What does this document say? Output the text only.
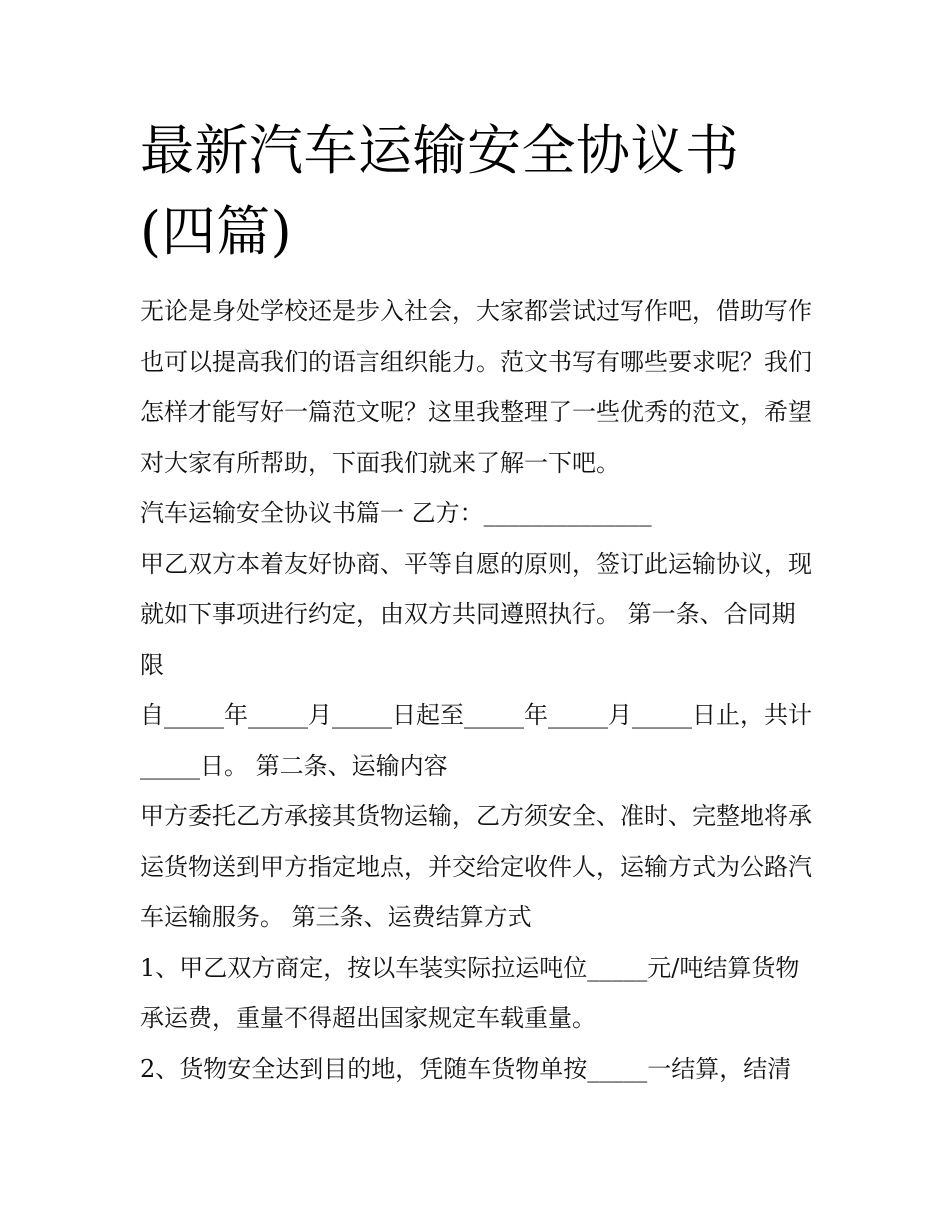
最新汽车运输安全协议书(四篇)

无论是身处学校还是步入社会，大家都尝试过写作吧，借助写作也可以提高我们的语言组织能力。范文书写有哪些要求呢？我们怎样才能写好一篇范文呢？这里我整理了一些优秀的范文，希望对大家有所帮助，下面我们就来了解一下吧。

汽车运输安全协议书篇一 乙方：______________

甲乙双方本着友好协商、平等自愿的原则，签订此运输协议，现就如下事项进行约定，由双方共同遵照执行。 第一条、合同期限

自_____年_____月_____日起至_____年_____月_____日止，共计_____日。 第二条、运输内容

甲方委托乙方承接其货物运输，乙方须安全、准时、完整地将承运货物送到甲方指定地点，并交给定收件人，运输方式为公路汽车运输服务。 第三条、运费结算方式

1、甲乙双方商定，按以车装实际拉运吨位_____元/吨结算货物承运费，重量不得超出国家规定车载重量。

2、货物安全达到目的地，凭随车货物单按_____一结算，结清
